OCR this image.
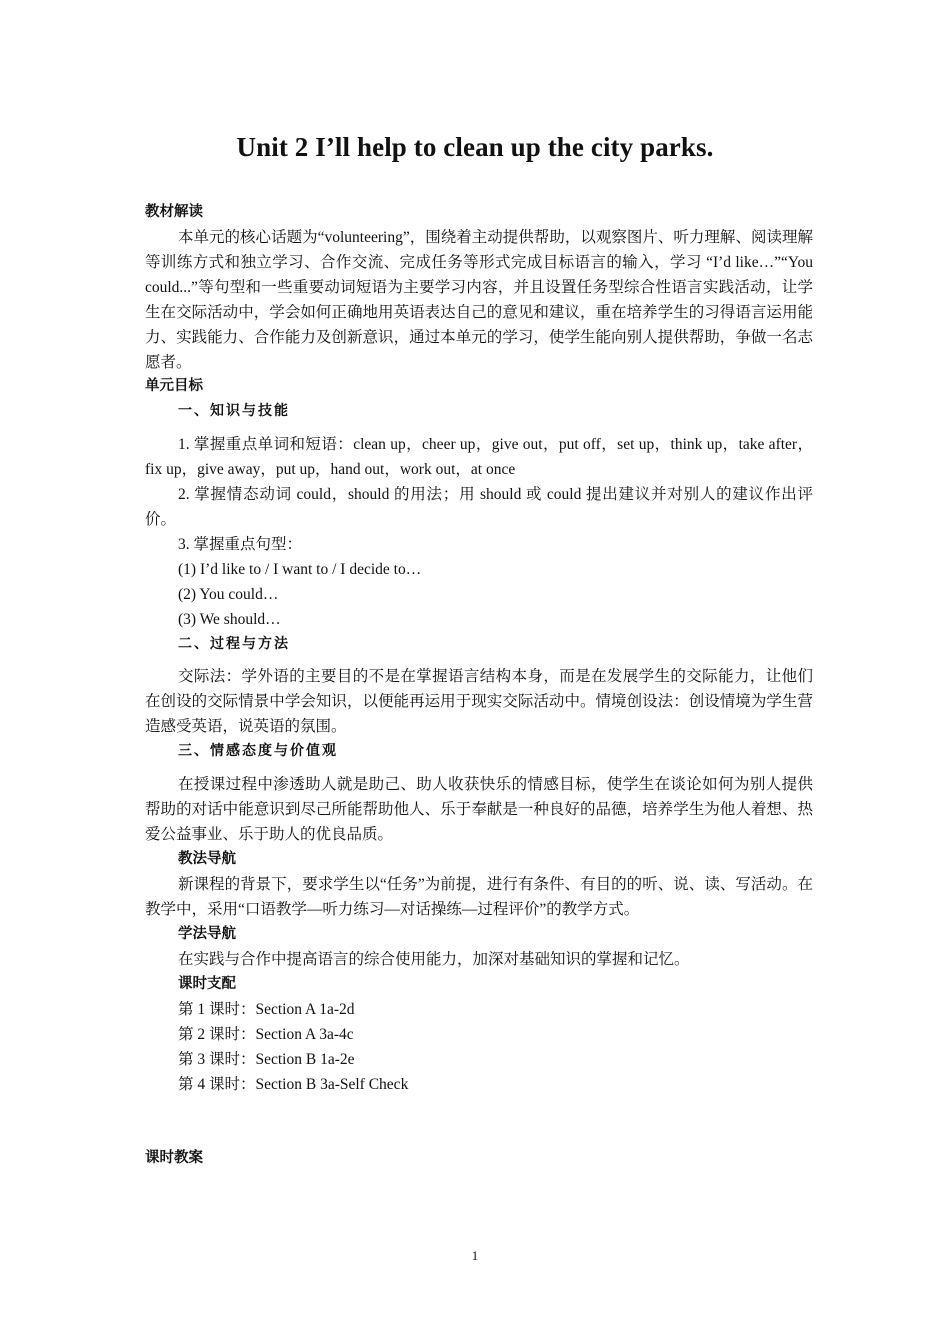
Unit 2 I’ll help to clean up the city parks.
教材解读
本单元的核心话题为“volunteering”，围绕着主动提供帮助，以观察图片、听力理解、阅读理解等训练方式和独立学习、合作交流、完成任务等形式完成目标语言的输入，学习 “I’d like…”“You could...”等句型和一些重要动词短语为主要学习内容，并且设置任务型综合性语言实践活动，让学生在交际活动中，学会如何正确地用英语表达自己的意见和建议，重在培养学生的习得语言运用能力、实践能力、合作能力及创新意识，通过本单元的学习，使学生能向别人提供帮助，争做一名志愿者。
单元目标
一、知识与技能
1. 掌握重点单词和短语：clean up，cheer up，give out，put off，set up，think up，take after，fix up，give away，put up，hand out，work out，at once
2. 掌握情态动词 could，should 的用法；用 should 或 could 提出建议并对别人的建议作出评价。
3. 掌握重点句型：
(1) I’d like to / I want to / I decide to…
(2) You could…
(3) We should…
二、过程与方法
交际法：学外语的主要目的不是在掌握语言结构本身，而是在发展学生的交际能力，让他们在创设的交际情景中学会知识，以便能再运用于现实交际活动中。情境创设法：创设情境为学生营造感受英语，说英语的氛围。
三、情感态度与价值观
在授课过程中渗透助人就是助己、助人收获快乐的情感目标，使学生在谈论如何为别人提供帮助的对话中能意识到尽己所能帮助他人、乐于奉献是一种良好的品德，培养学生为他人着想、热爱公益事业、乐于助人的优良品质。
教法导航
新课程的背景下，要求学生以“任务”为前提，进行有条件、有目的的听、说、读、写活动。在教学中，采用“口语教学—听力练习—对话操练—过程评价”的教学方式。
学法导航
在实践与合作中提高语言的综合使用能力，加深对基础知识的掌握和记忆。
课时支配
第 1 课时：Section A 1a-2d
第 2 课时：Section A 3a-4c
第 3 课时：Section B 1a-2e
第 4 课时：Section B 3a-Self Check
课时教案
1
